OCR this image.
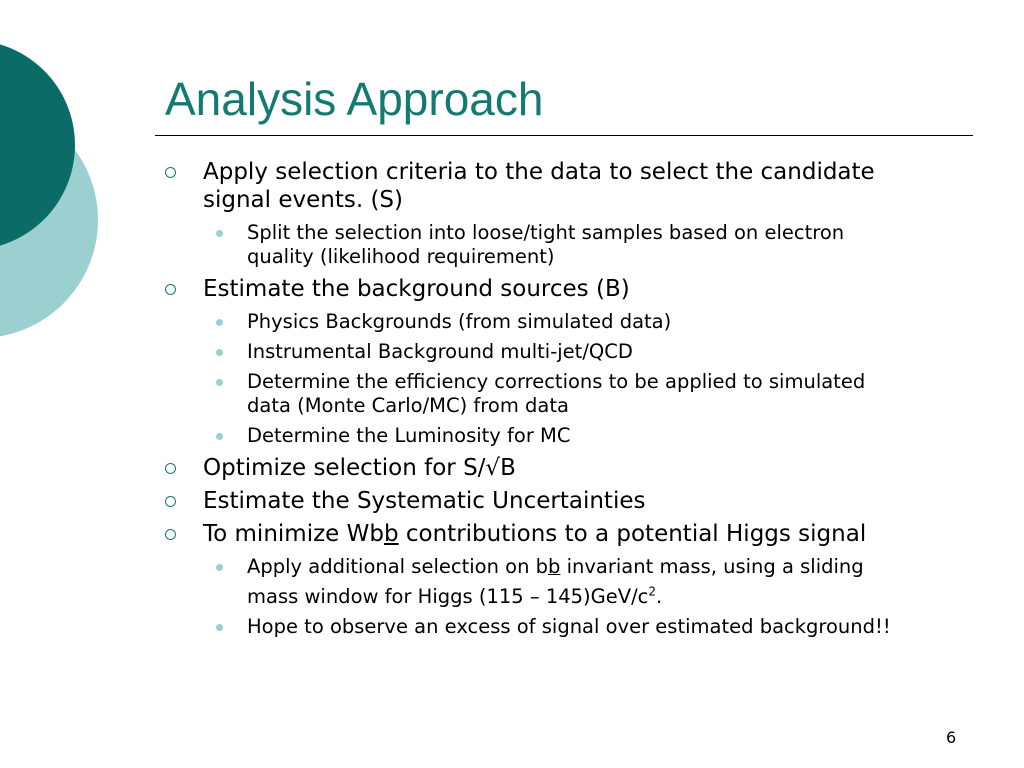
Analysis Approach
Apply selection criteria to the data to select the candidate signal events. (S)
Split the selection into loose/tight samples based on electron quality (likelihood requirement)
Estimate the background sources (B)
Physics Backgrounds (from simulated data)
Instrumental Background multi-jet/QCD
Determine the efficiency corrections to be applied to simulated data (Monte Carlo/MC) from data
Determine the Luminosity for MC
Optimize selection for S/√B
Estimate the Systematic Uncertainties
To minimize Wbb contributions to a potential Higgs signal
Apply additional selection on bb invariant mass, using a sliding mass window for Higgs $(115 - 145)GeV/c^2$.
Hope to observe an excess of signal over estimated background!!
6
